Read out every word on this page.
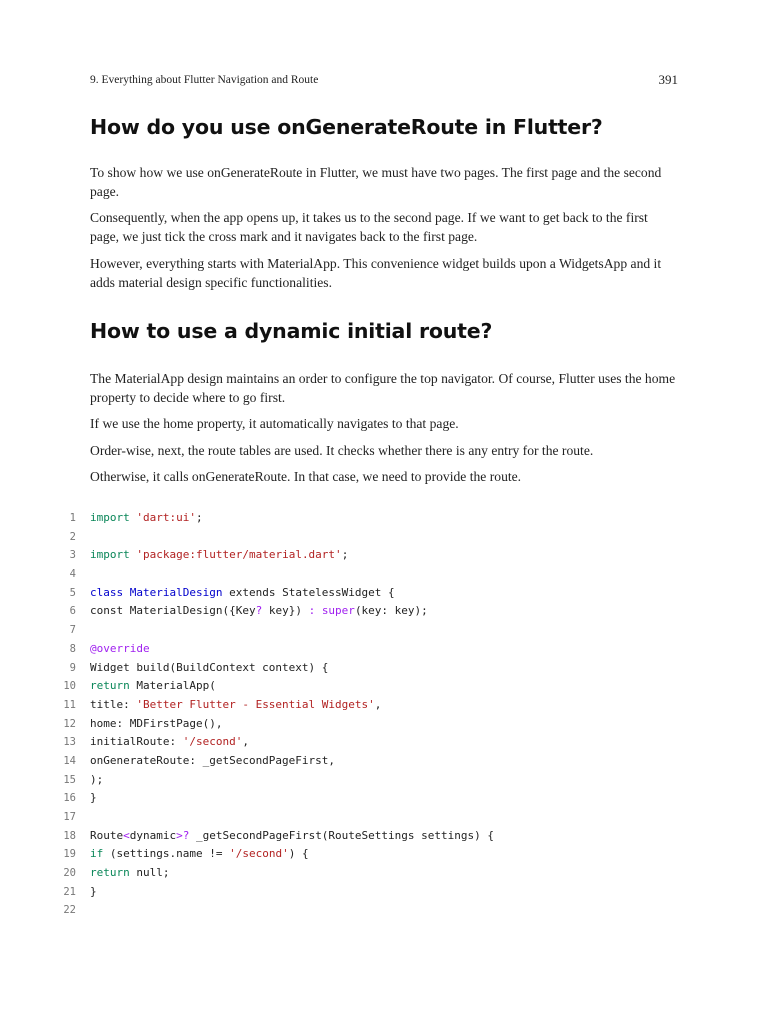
9. Everything about Flutter Navigation and Route	391
How do you use onGenerateRoute in Flutter?

To show how we use onGenerateRoute in Flutter, we must have two pages. The first page and the second page.

Consequently, when the app opens up, it takes us to the second page. If we want to get back to the first page, we just tick the cross mark and it navigates back to the first page.

However, everything starts with MaterialApp. This convenience widget builds upon a WidgetsApp and it adds material design specific functionalities.

How to use a dynamic initial route?

The MaterialApp design maintains an order to configure the top navigator. Of course, Flutter uses the home property to decide where to go first.

If we use the home property, it automatically navigates to that page.

Order-wise, next, the route tables are used. It checks whether there is any entry for the route.

Otherwise, it calls onGenerateRoute. In that case, we need to provide the route.

1 import 'dart:ui';
2
3 import 'package:flutter/material.dart';
4
5 class MaterialDesign extends StatelessWidget {
6 const MaterialDesign({Key? key}) : super(key: key);
7
8 @override
9 Widget build(BuildContext context) {
10 return MaterialApp(
11 title: 'Better Flutter - Essential Widgets',
12 home: MDFirstPage(),
13 initialRoute: '/second',
14 onGenerateRoute: _getSecondPageFirst,
15 );
16 }
17
18 Route<dynamic>? _getSecondPageFirst(RouteSettings settings) {
19 if (settings.name != '/second') {
20 return null;
21 }
22
